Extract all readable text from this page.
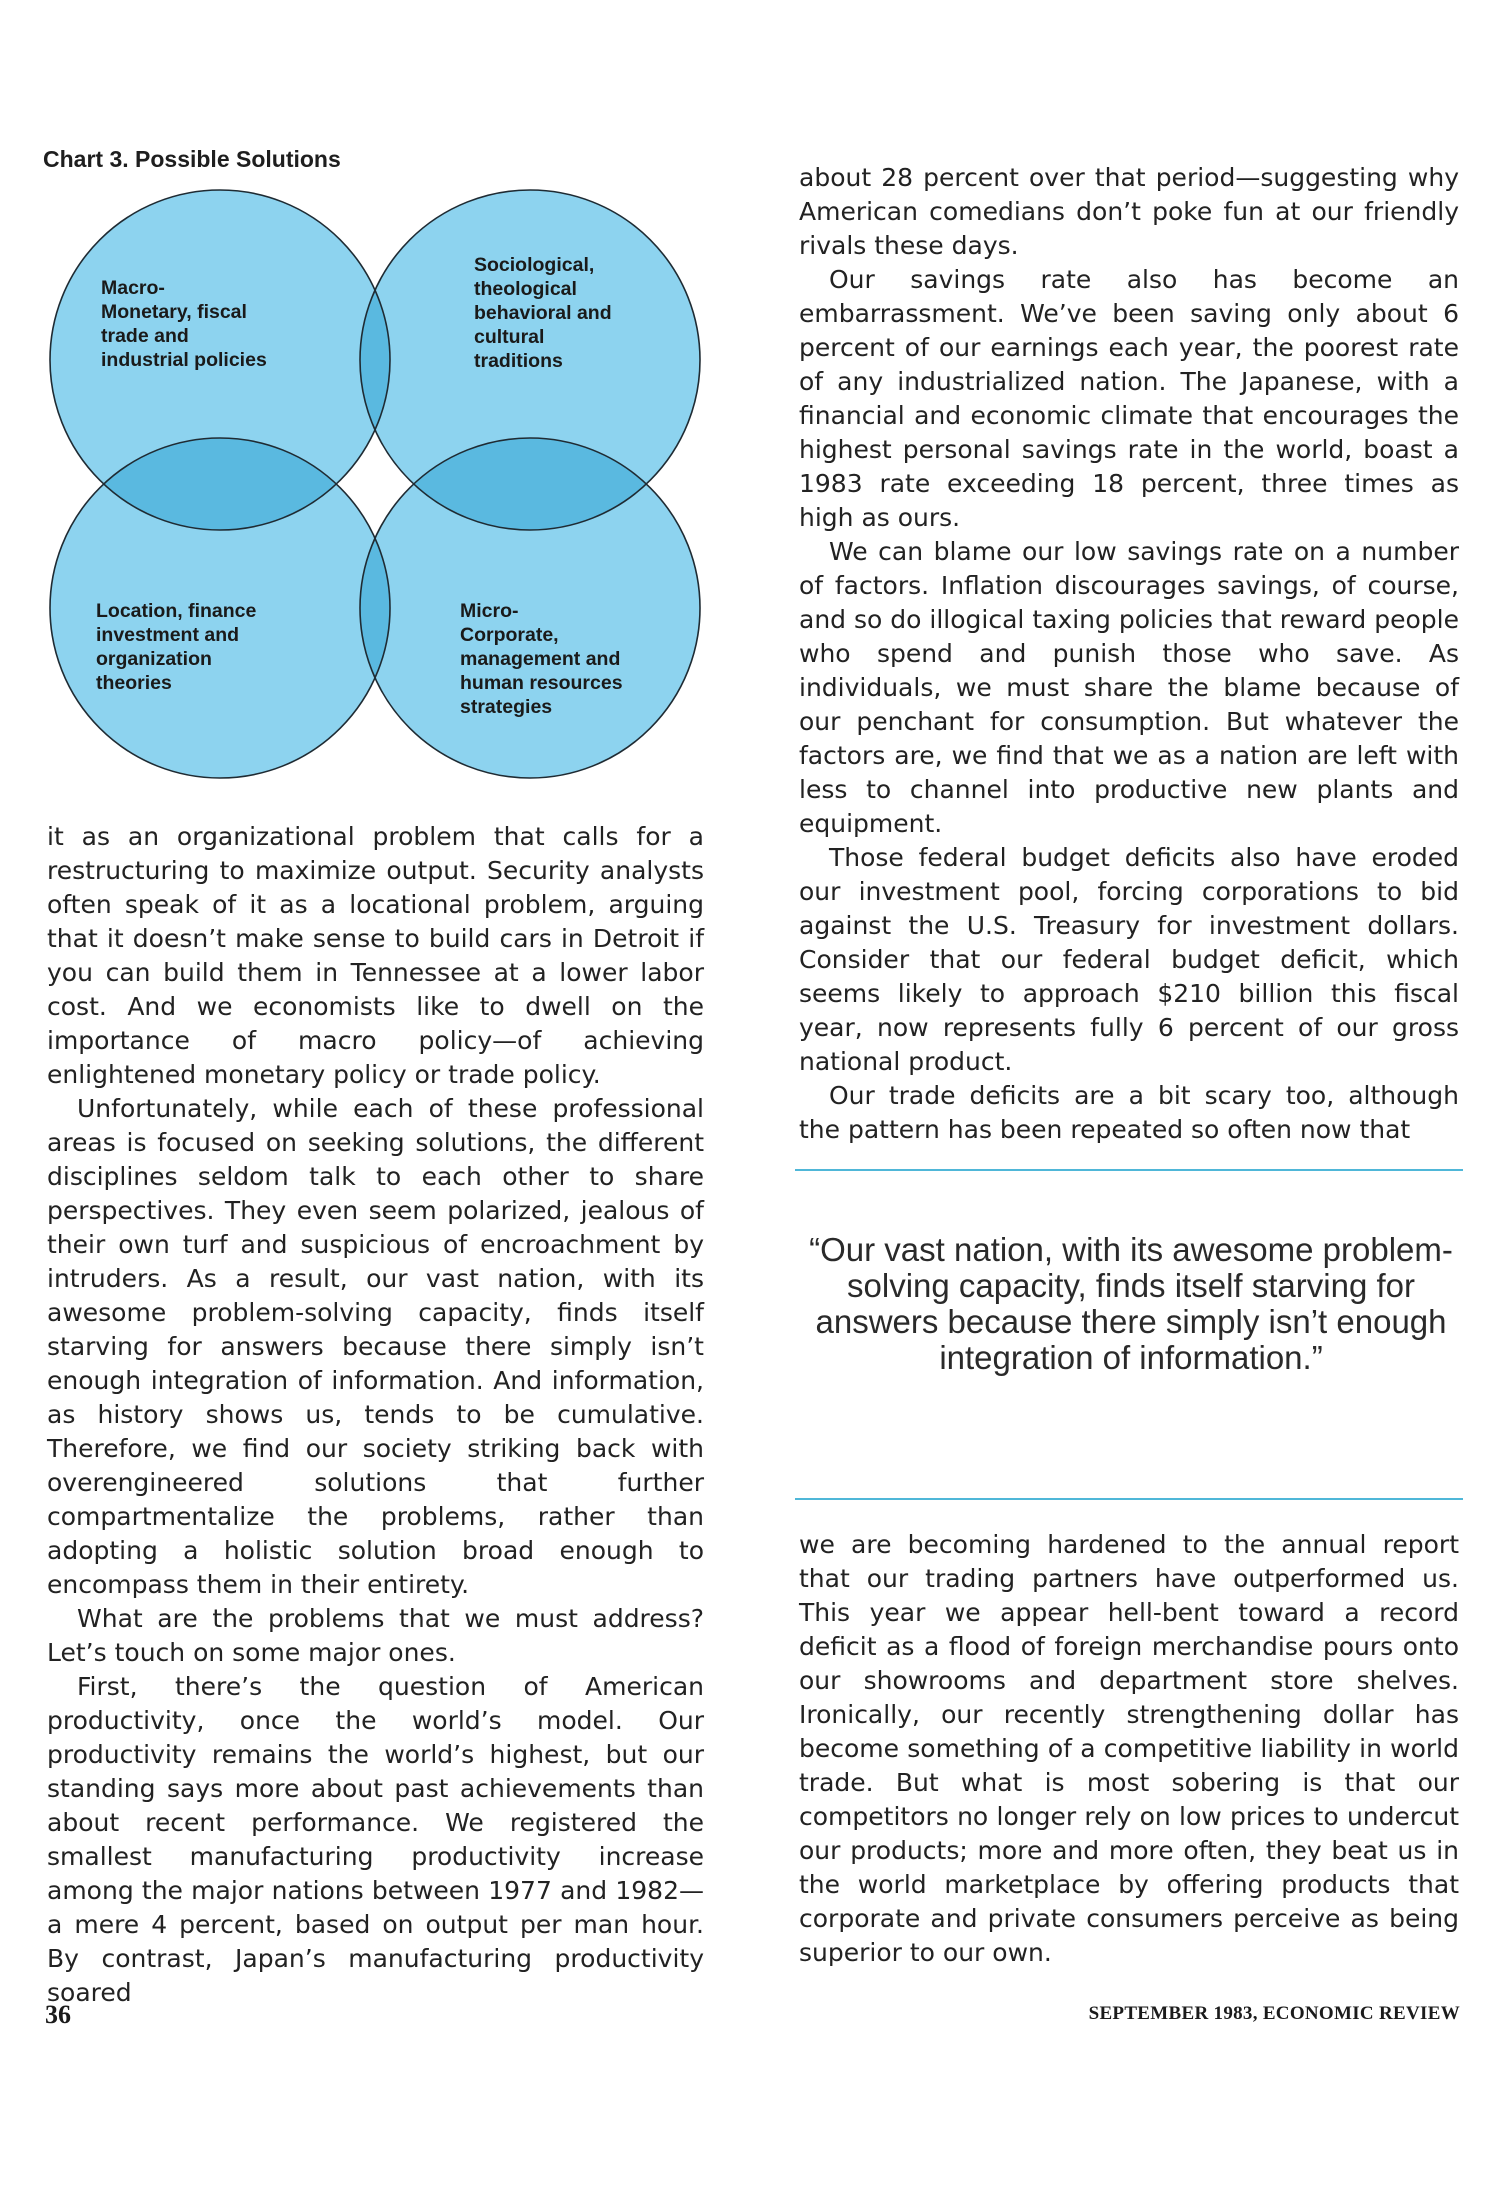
Chart 3. Possible Solutions
Macro-
Monetary, fiscal
trade and
industrial policies
Sociological,
theological
behavioral and
cultural
traditions
Location, finance
investment and
organization
theories
Micro-
Corporate,
management and
human resources
strategies

it as an organizational problem that calls for a restructuring to maximize output. Security analysts often speak of it as a locational problem, arguing that it doesn’t make sense to build cars in Detroit if you can build them in Tennessee at a lower labor cost. And we economists like to dwell on the importance of macro policy—of achieving enlightened monetary policy or trade policy.

Unfortunately, while each of these professional areas is focused on seeking solutions, the different disciplines seldom talk to each other to share perspectives. They even seem polarized, jealous of their own turf and suspicious of encroachment by intruders. As a result, our vast nation, with its awesome problem-solving capacity, finds itself starving for answers because there simply isn’t enough integration of information. And information, as history shows us, tends to be cumulative. Therefore, we find our society striking back with overengineered solutions that further compartmentalize the problems, rather than adopting a holistic solution broad enough to encompass them in their entirety.

What are the problems that we must address? Let’s touch on some major ones.

First, there’s the question of American productivity, once the world’s model. Our productivity remains the world’s highest, but our standing says more about past achievements than about recent performance. We registered the smallest manufacturing productivity increase among the major nations between 1977 and 1982—a mere 4 percent, based on output per man hour. By contrast, Japan’s manufacturing productivity soared

about 28 percent over that period—suggesting why American comedians don’t poke fun at our friendly rivals these days.

Our savings rate also has become an embarrassment. We’ve been saving only about 6 percent of our earnings each year, the poorest rate of any industrialized nation. The Japanese, with a financial and economic climate that encourages the highest personal savings rate in the world, boast a 1983 rate exceeding 18 percent, three times as high as ours.

We can blame our low savings rate on a number of factors. Inflation discourages savings, of course, and so do illogical taxing policies that reward people who spend and punish those who save. As individuals, we must share the blame because of our penchant for consumption. But whatever the factors are, we find that we as a nation are left with less to channel into productive new plants and equipment.

Those federal budget deficits also have eroded our investment pool, forcing corporations to bid against the U.S. Treasury for investment dollars. Consider that our federal budget deficit, which seems likely to approach $210 billion this fiscal year, now represents fully 6 percent of our gross national product.

Our trade deficits are a bit scary too, although the pattern has been repeated so often now that

“Our vast nation, with its awesome problem-solving capacity, finds itself starving for answers because there simply isn’t enough integration of information.”

we are becoming hardened to the annual report that our trading partners have outperformed us. This year we appear hell-bent toward a record deficit as a flood of foreign merchandise pours onto our showrooms and department store shelves. Ironically, our recently strengthening dollar has become something of a competitive liability in world trade. But what is most sobering is that our competitors no longer rely on low prices to undercut our products; more and more often, they beat us in the world marketplace by offering products that corporate and private consumers perceive as being superior to our own.

36	SEPTEMBER 1983, ECONOMIC REVIEW
